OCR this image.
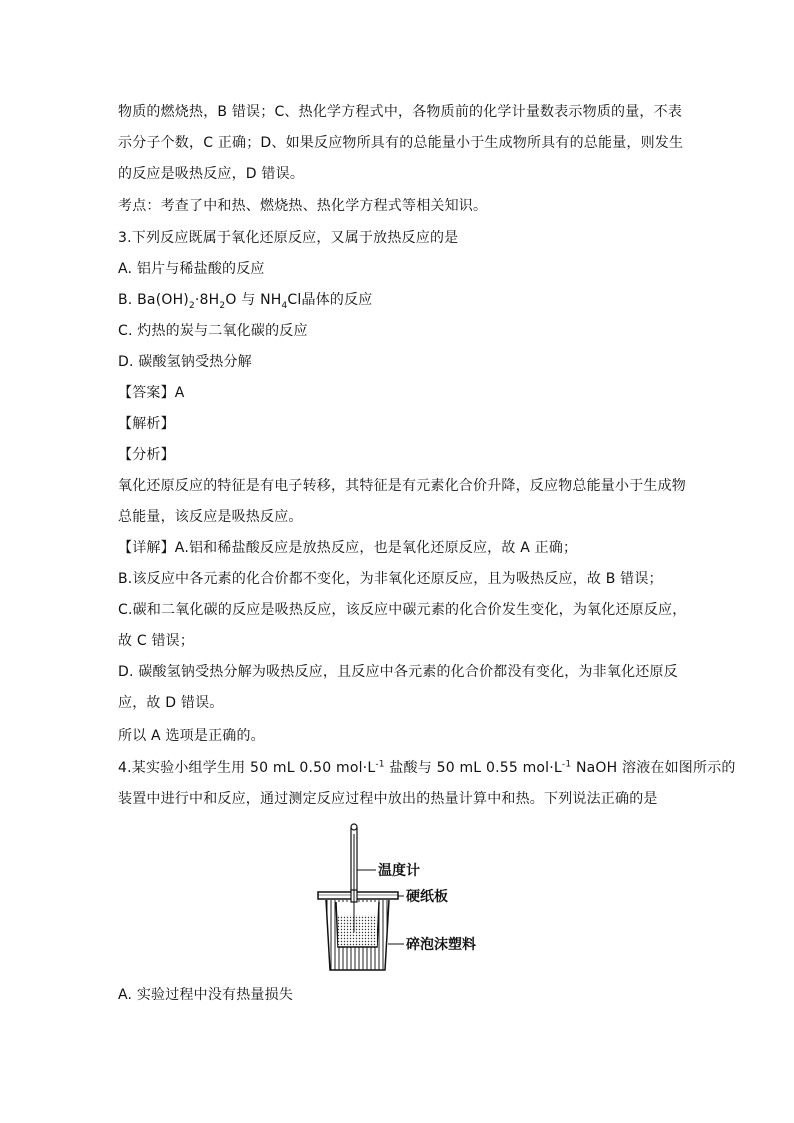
物质的燃烧热，B 错误；C、热化学方程式中，各物质前的化学计量数表示物质的量，不表
示分子个数，C 正确；D、如果反应物所具有的总能量小于生成物所具有的总能量，则发生
的反应是吸热反应，D 错误。
考点：考查了中和热、燃烧热、热化学方程式等相关知识。
3.下列反应既属于氧化还原反应，又属于放热反应的是
A. 铝片与稀盐酸的反应
B. $Ba(OH)_2\cdot 8H_2O$ 与 $NH_4Cl$晶体的反应
C. 灼热的炭与二氧化碳的反应
D. 碳酸氢钠受热分解
【答案】A
【解析】
【分析】
氧化还原反应的特征是有电子转移，其特征是有元素化合价升降，反应物总能量小于生成物
总能量，该反应是吸热反应。
【详解】A.铝和稀盐酸反应是放热反应，也是氧化还原反应，故 A 正确；
B.该反应中各元素的化合价都不变化，为非氧化还原反应，且为吸热反应，故 B 错误；
C.碳和二氧化碳的反应是吸热反应，该反应中碳元素的化合价发生变化，为氧化还原反应，
故 C 错误；
D. 碳酸氢钠受热分解为吸热反应，且反应中各元素的化合价都没有变化，为非氧化还原反
应，故 D 错误。
所以 A 选项是正确的。
4.某实验小组学生用 50 mL 0.50 $mol\cdot L^{-1}$ 盐酸与 50 mL 0.55 $mol\cdot L^{-1}$ NaOH 溶液在如图所示的
装置中进行中和反应，通过测定反应过程中放出的热量计算中和热。下列说法正确的是
温度计
硬纸板
碎泡沫塑料
A. 实验过程中没有热量损失
